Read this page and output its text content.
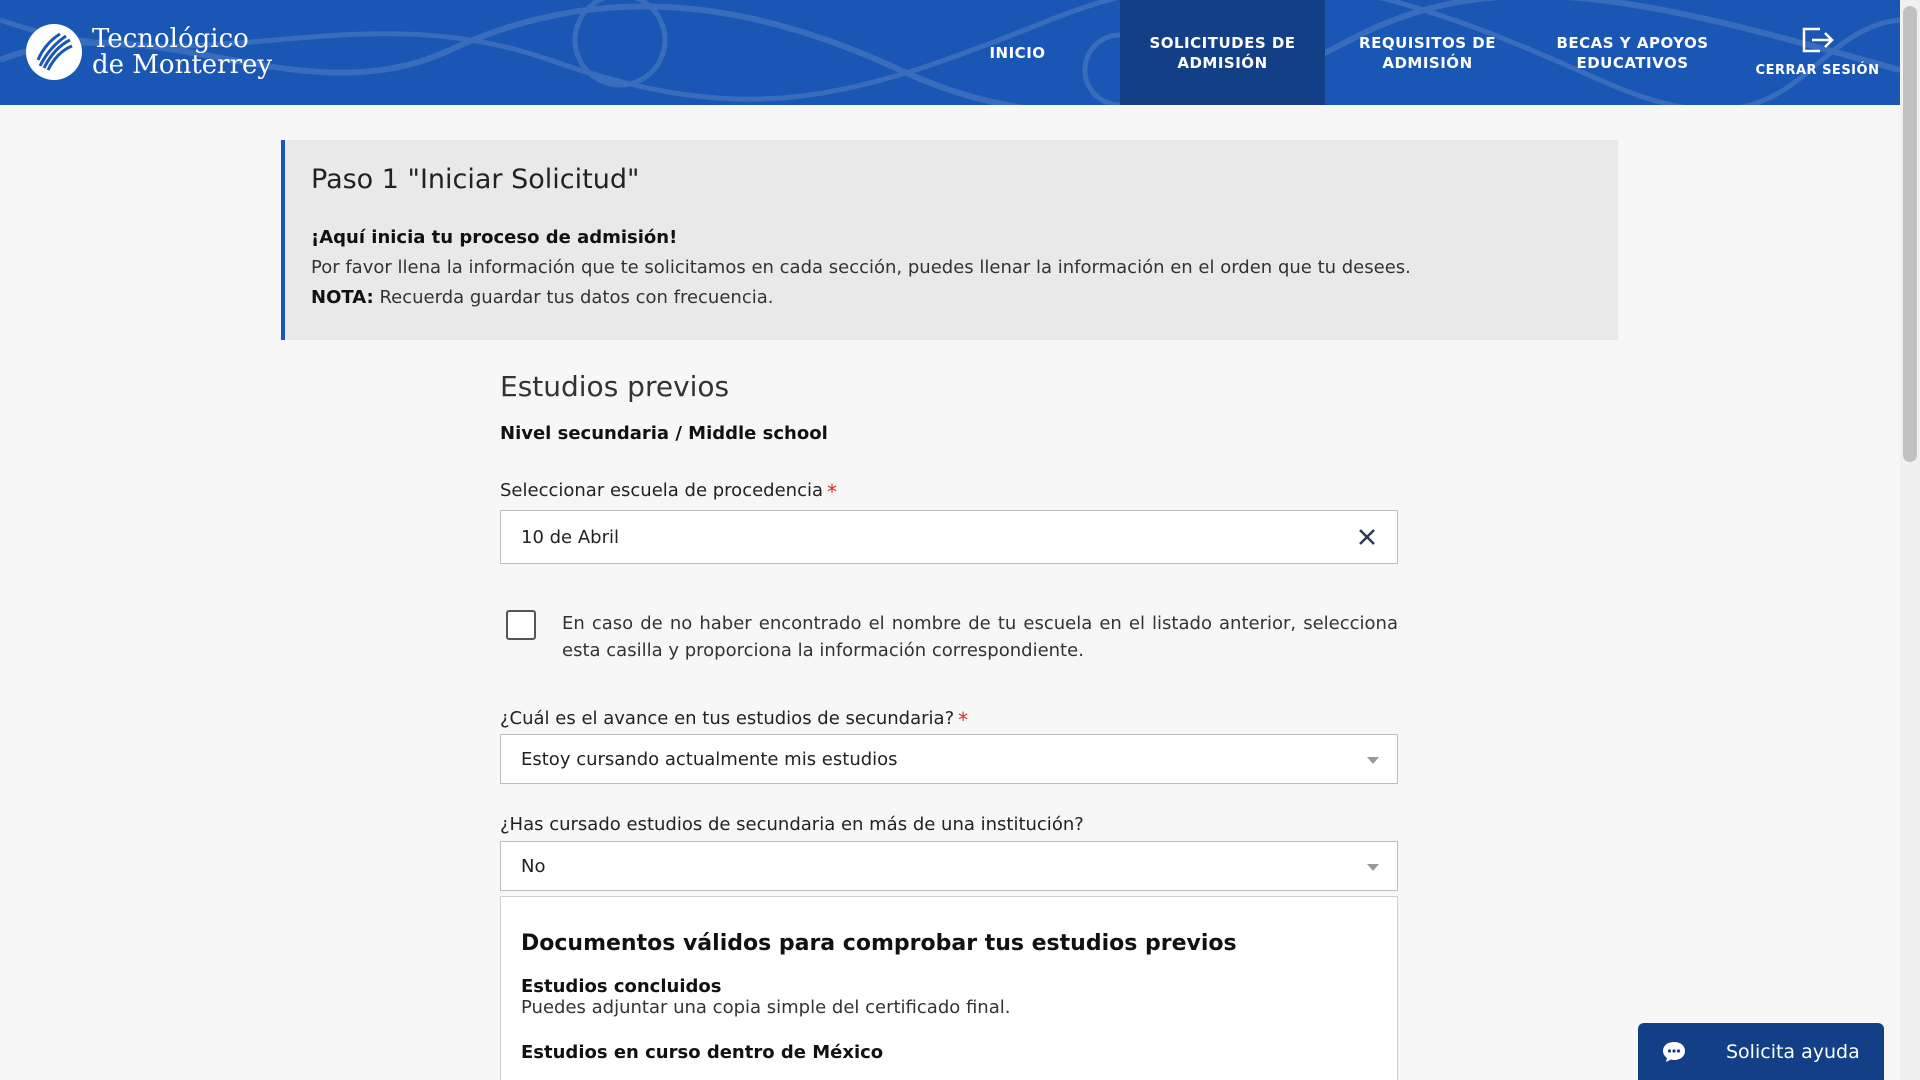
Tecnológico
de Monterrey	INICIO
SOLICITUDES DE ADMISIÓN
REQUISITOS DE ADMISIÓN
BECAS Y APOYOS EDUCATIVOS	CERRAR SESIÓN
Paso 1 "Iniciar Solicitud"

¡Aquí inicia tu proceso de admisión!

Por favor llena la información que te solicitamos en cada sección, puedes llenar la información en el orden que tu desees.

NOTA: Recuerda guardar tus datos con frecuencia.

Estudios previos
Nivel secundaria / Middle school
Seleccionar escuela de procedencia *
10 de Abril
En caso de no haber encontrado el nombre de tu escuela en el listado anterior, selecciona esta casilla y proporciona la información correspondiente.
¿Cuál es el avance en tus estudios de secundaria? *
Estoy cursando actualmente mis estudios
¿Has cursado estudios de secundaria en más de una institución?
No
Documentos válidos para comprobar tus estudios previos
Estudios concluidos
Puedes adjuntar una copia simple del certificado final.
Estudios en curso dentro de México	Solicita ayuda
